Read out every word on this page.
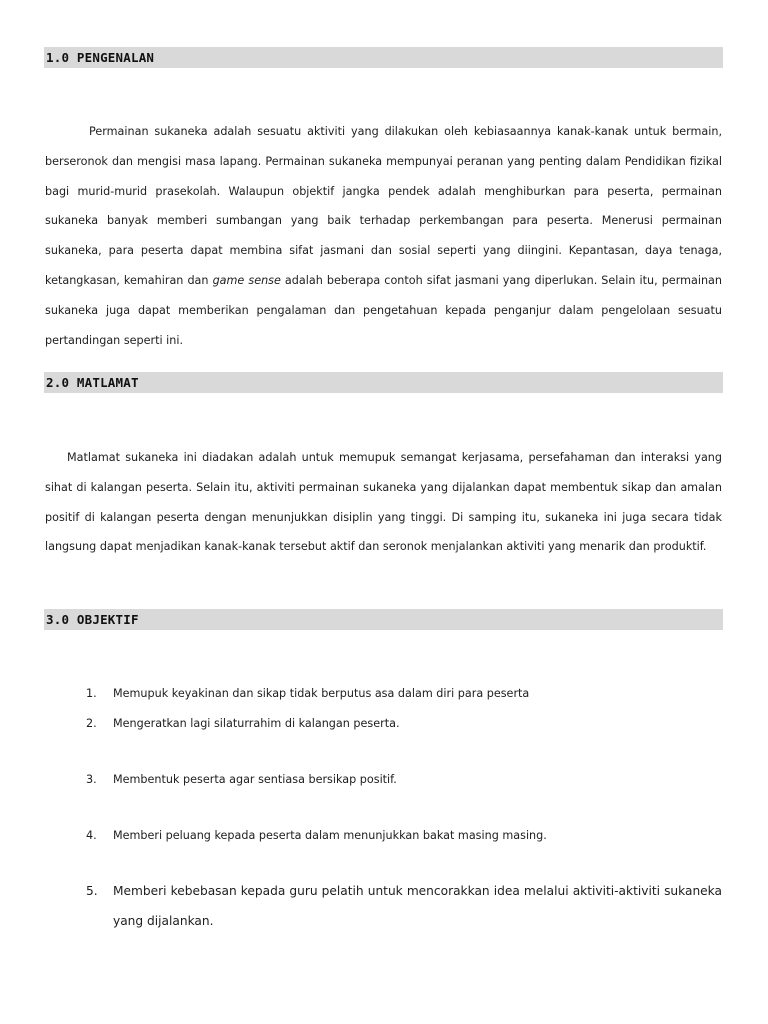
1.0 PENGENALAN

Permainan sukaneka adalah sesuatu aktiviti yang dilakukan oleh kebiasaannya kanak-kanak untuk bermain, berseronok dan mengisi masa lapang. Permainan sukaneka mempunyai peranan yang penting dalam Pendidikan fizikal bagi murid-murid prasekolah. Walaupun objektif jangka pendek adalah menghiburkan para peserta, permainan sukaneka banyak memberi sumbangan yang baik terhadap perkembangan para peserta. Menerusi permainan sukaneka, para peserta dapat membina sifat jasmani dan sosial seperti yang diingini. Kepantasan, daya tenaga, ketangkasan, kemahiran dan game sense adalah beberapa contoh sifat jasmani yang diperlukan. Selain itu, permainan sukaneka juga dapat memberikan pengalaman dan pengetahuan kepada penganjur dalam pengelolaan sesuatu pertandingan seperti ini.

2.0 MATLAMAT

Matlamat sukaneka ini diadakan adalah untuk memupuk semangat kerjasama, persefahaman dan interaksi yang sihat di kalangan peserta. Selain itu, aktiviti permainan sukaneka yang dijalankan dapat membentuk sikap dan amalan positif di kalangan peserta dengan menunjukkan disiplin yang tinggi. Di samping itu, sukaneka ini juga secara tidak langsung dapat menjadikan kanak-kanak tersebut aktif dan seronok menjalankan aktiviti yang menarik dan produktif.

3.0 OBJEKTIF
1.	Memupuk keyakinan dan sikap tidak berputus asa dalam diri para peserta
2.	Mengeratkan lagi silaturrahim di kalangan peserta.
3.	Membentuk peserta agar sentiasa bersikap positif.
4.	Memberi peluang kepada peserta dalam menunjukkan bakat masing masing.
5.	Memberi kebebasan kepada guru pelatih untuk mencorakkan idea melalui aktiviti-aktiviti sukaneka yang dijalankan.
